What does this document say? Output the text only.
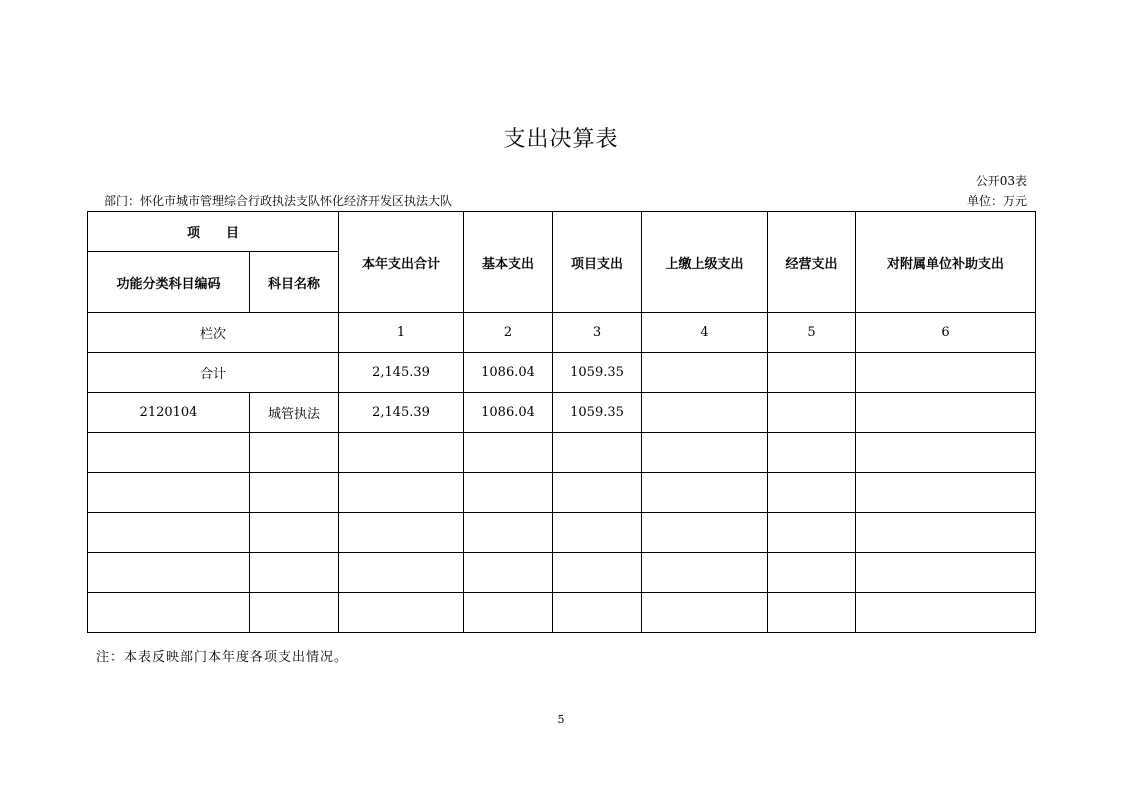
支出决算表
公开03表
部门：怀化市城市管理综合行政执法支队怀化经济开发区执法大队	单位：万元
项　　目		本年支出合计	基本支出	项目支出	上缴上级支出	经营支出	对附属单位补助支出
功能分类科目编码	科目名称						
栏次		1	2	3	4	5	6
合计		2,145.39	1086.04	1059.35			
2120104	城管执法	2,145.39	1086.04	1059.35			

注：本表反映部门本年度各项支出情况。
5
